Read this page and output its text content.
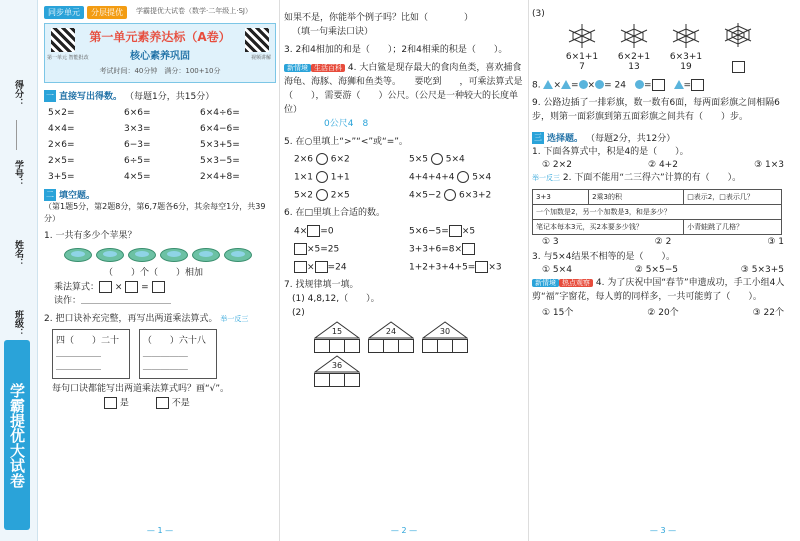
得分：
学号：
姓名：
班级：
学霸提优大试卷
同步单元	分层提优	学霸提优大试卷（数学·二年级上·SJ）
第一单元 智能批改	视频讲解
第一单元素养达标（A卷）
核心素养巩固
考试时间：40分钟　满分：100+10分
一 直接写出得数。 （每题1分，共15分）
5×2=	6×6=	6×4÷6=
4×4=	3×3=	6×4−6=
2×6=	6−3=	5×3+5=
2×5=	6÷5=	5×3−5=
3+5=	4×5=	2×4+8=
二 填空题。
（第1题5分，第2题8分，第6,7题各6分，其余每空1分，共39分）
1. 一共有多少个苹果？
（　　）个（　　）相加
乘法算式： ×  =
读作：＿＿＿＿＿＿＿＿＿＿
2. 把口诀补充完整，再写出两道乘法算式。 举一反三
四（　　）二十
＿＿＿＿＿
＿＿＿＿＿

（　　）六十八
＿＿＿＿＿
＿＿＿＿＿
每句口诀都能写出两道乘法算式吗？画“√”。
是　　　	不是
— 1 —
如果不是，你能举个例子吗？比如（　　　　）
（填一句乘法口诀）
3. 2和4相加的和是（　　）；2和4相乘的积是（　　）。
新情境 生活百科 4. 大白鲨是现存最大的食肉鱼类，喜欢捕食海龟、海豚、海狮和鱼类等。　　要吃到　　，可乘法算式是（　　），需要游（　　）公尺。（公尺是一种较大的长度单位）
0公尺4　8
5. 在○里填上“>”“<”或“=”。
2×6 6×2	5×5 5×4
1×1 1+1	4+4+4+4 5×4
5×2 2×5	4×5−2 6×3+2
6. 在□里填上合适的数。
4× =0	5×6−5= ×5
×5=25	3+3+6=8×
× =24	1+2+3+4+5= ×3
7. 找规律填一填。
(1) 4,8,12,（　　）。
(2)
15	24	30
36
— 2 —
(3)
6×1+1
7
6×2+1
13
6×3+1
19

8. × = × = 24　 =　	=
9. 公路边插了一排彩旗，数一数有6面，每两面彩旗之间相隔6步，则第一面彩旗到第五面彩旗之间共有（　　）步。
三 选择题。 （每题2分，共12分）
1. 下面各算式中，积是4的是（　　）。
① 2×2	② 4+2	③ 1×3
举一反三 2. 下面不能用“二三得六”计算的有（　　）。
3+3	2乘3的积	□表示2，□表示几？
一个加数是2，另一个加数是3，和是多少？		
笔记本每本3元，买2本要多少钱？		小青蛙跳了几格？
① 3	② 2	③ 1
3. 与5×4结果不相等的是（　　）。
① 5×4	② 5×5−5	③ 5×3+5
新情境 热点观察 4. 为了庆祝中国“春节”申遗成功，手工小组4人剪“福”字窗花，每人剪的同样多，一共可能剪了（　　）。
① 15个	② 20个	③ 22个
— 3 —
